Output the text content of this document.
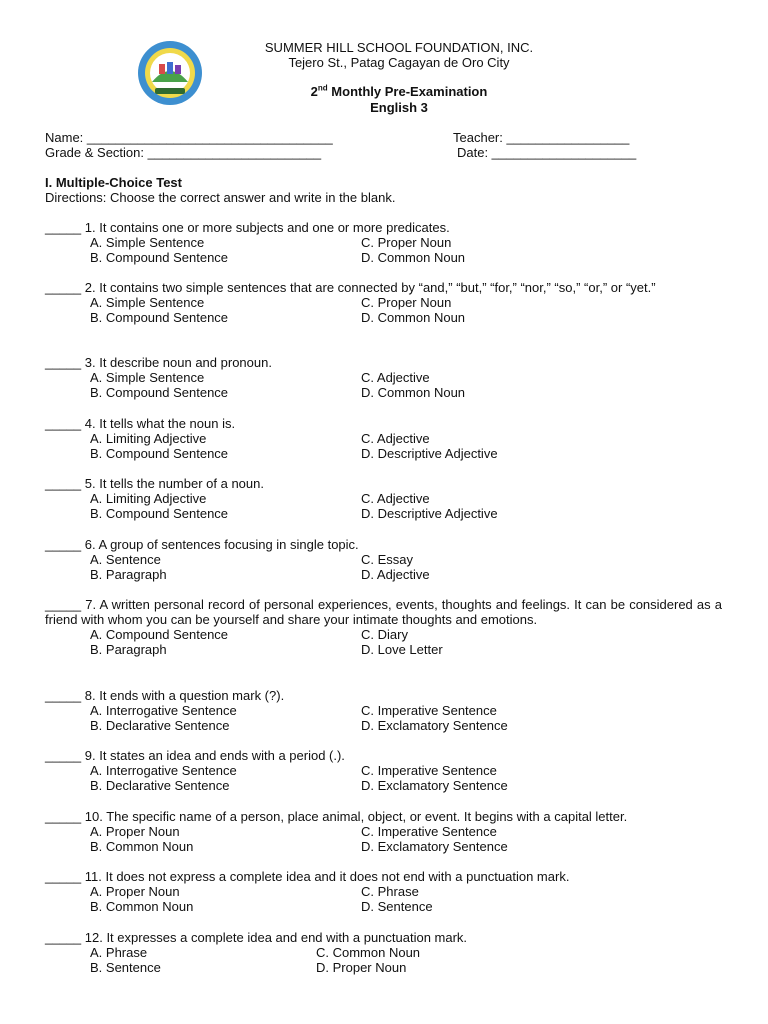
SUMMER HILL SCHOOL FOUNDATION, INC.
Tejero St., Patag Cagayan de Oro City
2nd Monthly Pre-Examination
English 3
Name: __________________________________	Teacher: _________________
Grade & Section: ________________________	Date: ____________________
I. Multiple-Choice Test
Directions: Choose the correct answer and write in the blank.
_____ 1. It contains one or more subjects and one or more predicates.
A. Simple Sentence
B. Compound Sentence
C. Proper Noun
D. Common Noun
_____ 2. It contains two simple sentences that are connected by “and,” “but,” “for,” “nor,” “so,” “or,” or “yet.”
A. Simple Sentence
B. Compound Sentence
C. Proper Noun
D. Common Noun
_____ 3. It describe noun and pronoun.
A. Simple Sentence
B. Compound Sentence
C. Adjective
D. Common Noun
_____ 4. It tells what the noun is.
A. Limiting Adjective
B. Compound Sentence
C. Adjective
D. Descriptive Adjective
_____ 5. It tells the number of a noun.
A. Limiting Adjective
B. Compound Sentence
C. Adjective
D. Descriptive Adjective
_____ 6. A group of sentences focusing in single topic.
A. Sentence
B. Paragraph
C. Essay
D. Adjective
_____ 7. A written personal record of personal experiences, events, thoughts and feelings. It can be considered as a friend with whom you can be yourself and share your intimate thoughts and emotions.
A. Compound Sentence
B. Paragraph
C. Diary
D. Love Letter
_____ 8. It ends with a question mark (?).
A. Interrogative Sentence
B. Declarative Sentence
C. Imperative Sentence
D. Exclamatory Sentence
_____ 9. It states an idea and ends with a period (.).
A. Interrogative Sentence
B. Declarative Sentence
C. Imperative Sentence
D. Exclamatory Sentence
_____ 10. The specific name of a person, place animal, object, or event. It begins with a capital letter.
A. Proper Noun
B. Common Noun
C. Imperative Sentence
D. Exclamatory Sentence
_____ 11. It does not express a complete idea and it does not end with a punctuation mark.
A. Proper Noun
B. Common Noun
C. Phrase
D. Sentence
_____ 12. It expresses a complete idea and end with a punctuation mark.
A. Phrase
B. Sentence
C. Common Noun
D. Proper Noun
